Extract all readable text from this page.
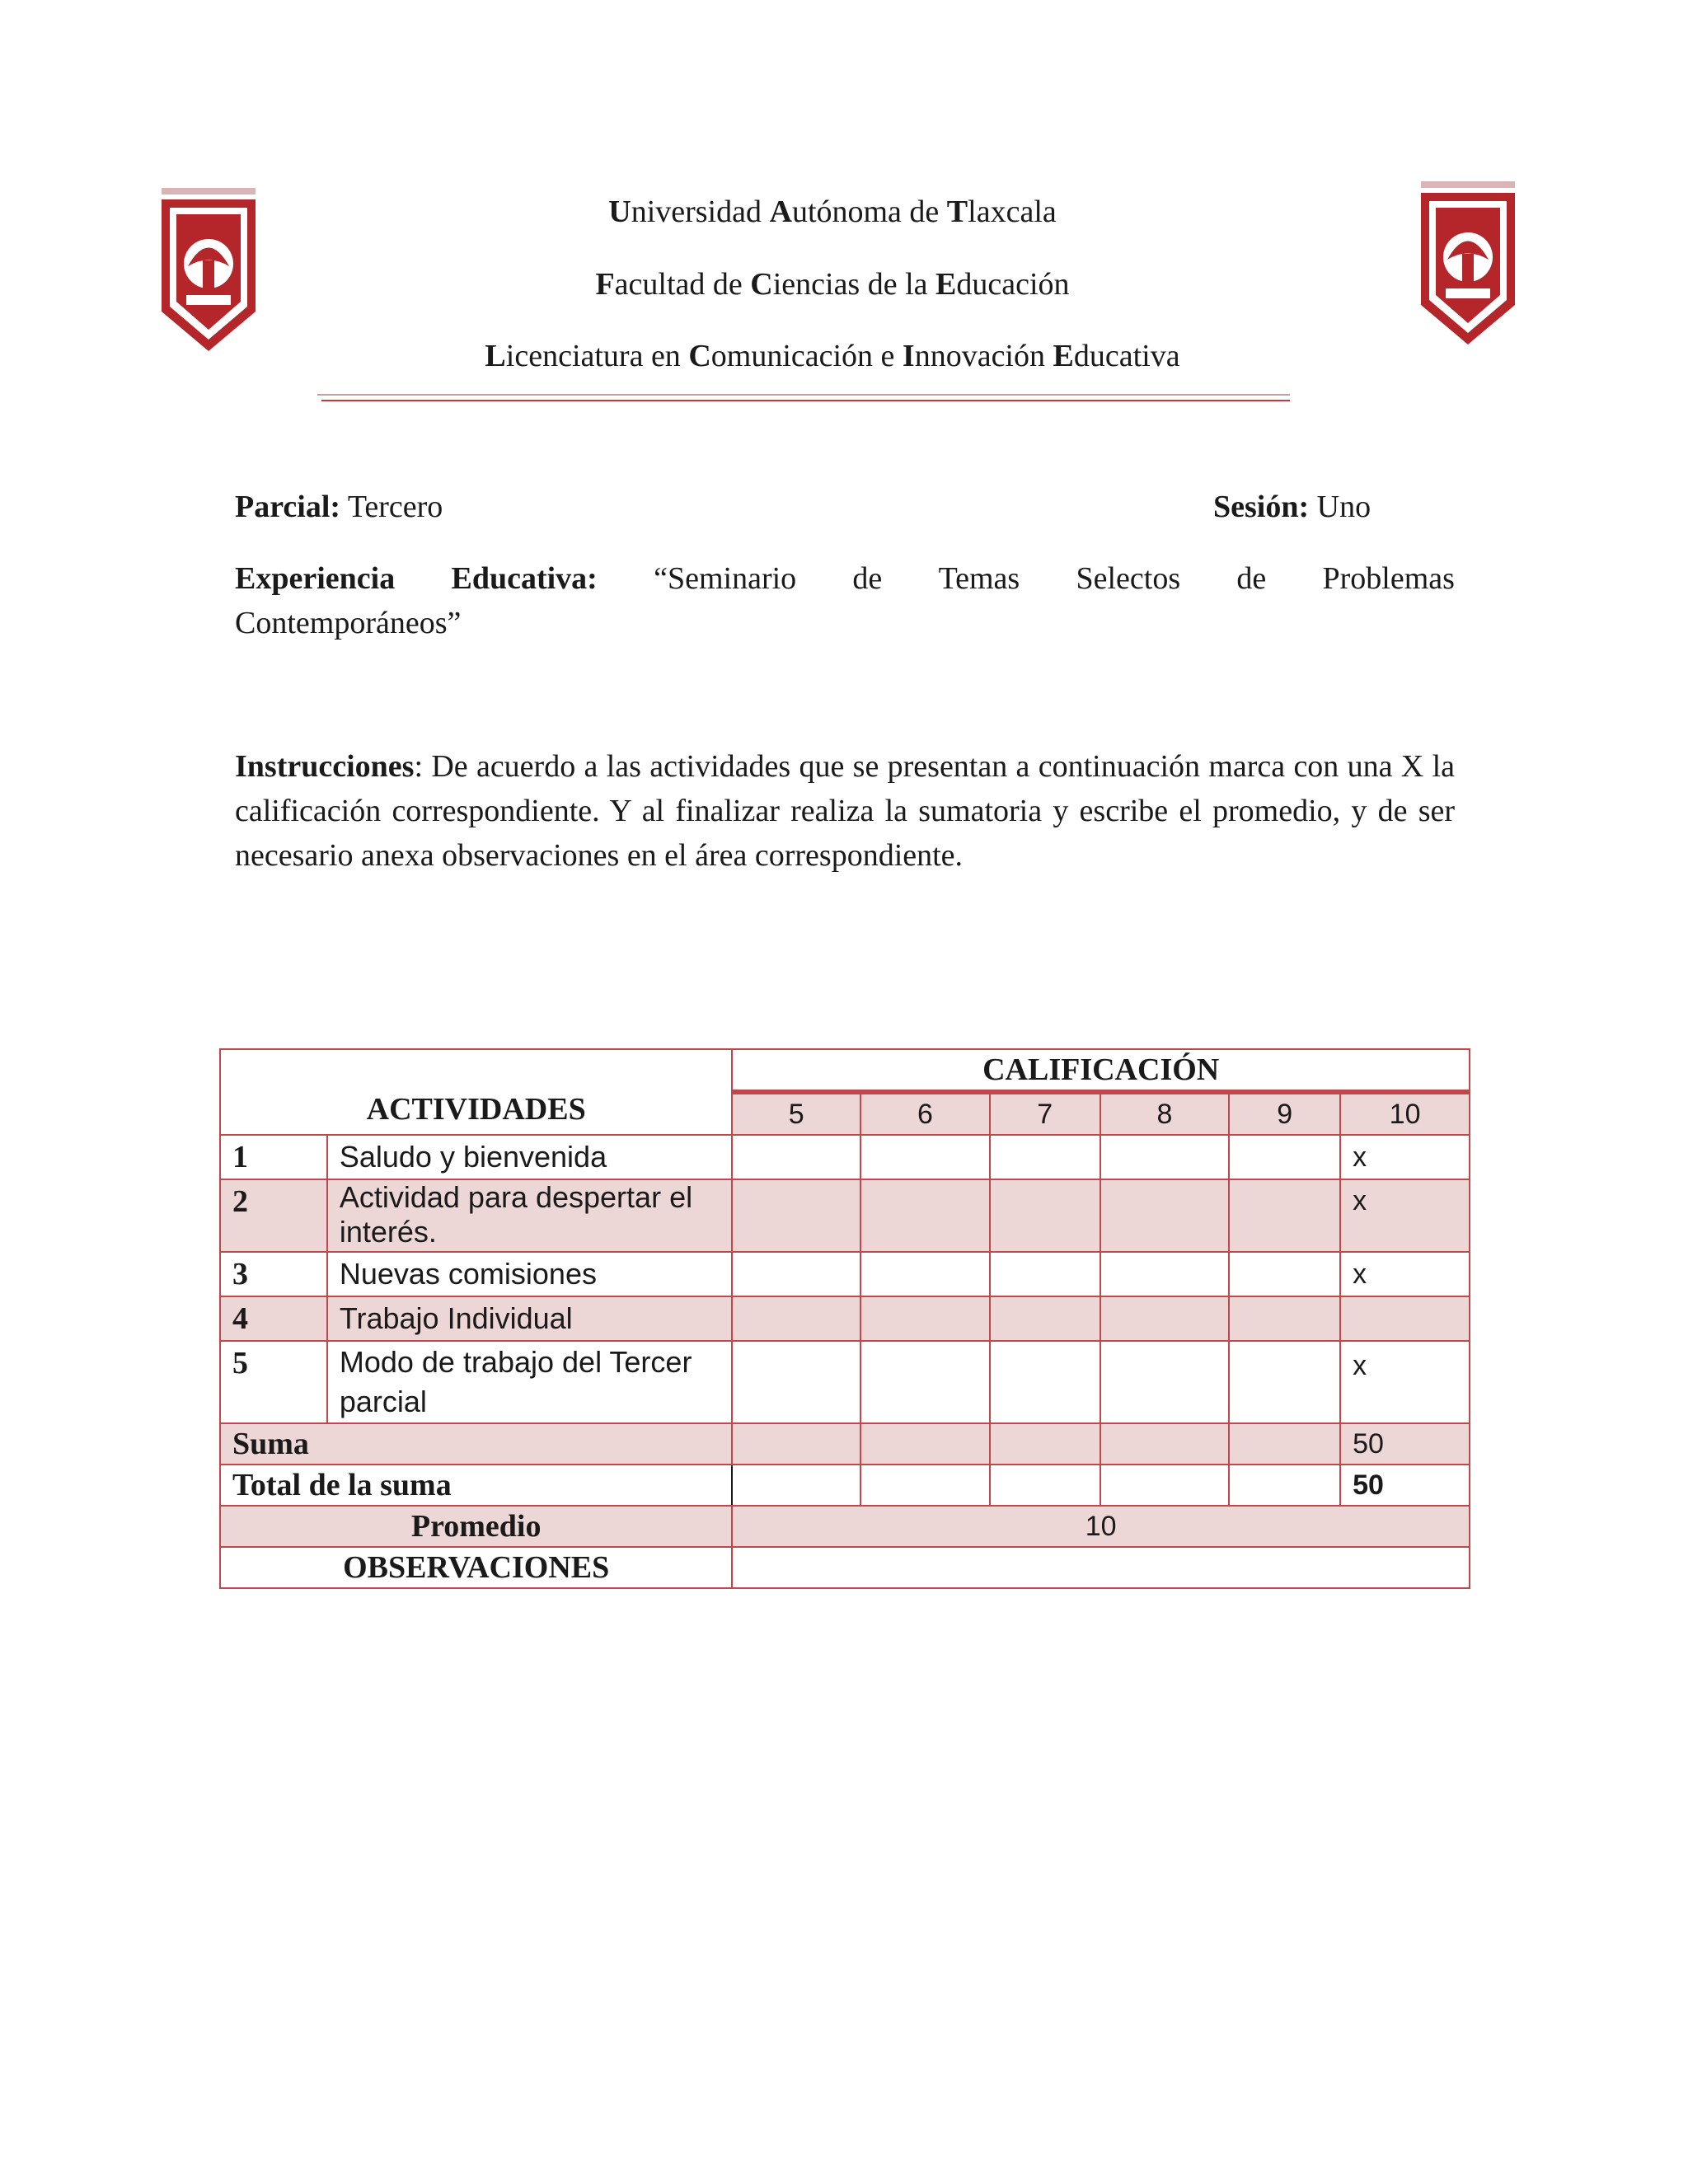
Universidad Autónoma de Tlaxcala
Facultad de Ciencias de la Educación
Licenciatura en Comunicación e Innovación Educativa
Parcial: Tercero	Sesión: Uno
Experiencia Educativa: “Seminario de Temas Selectos de Problemas
Contemporáneos”
Instrucciones: De acuerdo a las actividades que se presentan a continuación marca con una X la calificación correspondiente. Y al finalizar realiza la sumatoria y escribe el promedio, y de ser necesario anexa observaciones en el área correspondiente.
ACTIVIDADES		CALIFICACIÓN					
		5	6	7	8	9	10
1	Saludo y bienvenida						x
2	Actividad para despertar el interés.						x
3	Nuevas comisiones						x
4	Trabajo Individual						
5	Modo de trabajo del Tercer parcial						x
Suma							50
Total de la suma							50
Promedio		10					
OBSERVACIONES							
